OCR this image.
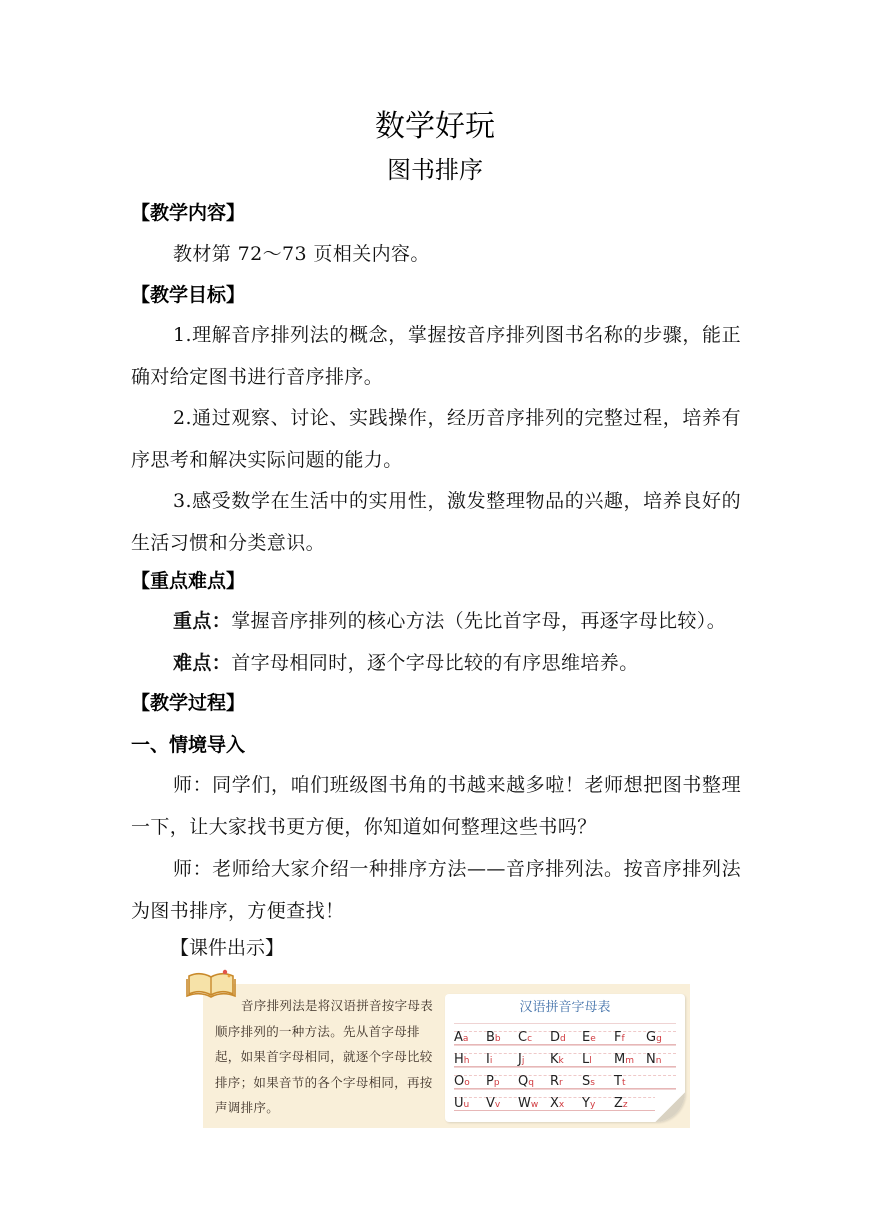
数学好玩
图书排序
【教学内容】
教材第 72～73 页相关内容。
【教学目标】
1.理解音序排列法的概念，掌握按音序排列图书名称的步骤，能正确对给定图书进行音序排序。
2.通过观察、讨论、实践操作，经历音序排列的完整过程，培养有序思考和解决实际问题的能力。
3.感受数学在生活中的实用性，激发整理物品的兴趣，培养良好的生活习惯和分类意识。
【重点难点】
重点：掌握音序排列的核心方法（先比首字母，再逐字母比较）。
难点：首字母相同时，逐个字母比较的有序思维培养。
【教学过程】
一、情境导入
师：同学们，咱们班级图书角的书越来越多啦！老师想把图书整理一下，让大家找书更方便，你知道如何整理这些书吗？
师：老师给大家介绍一种排序方法——音序排列法。按音序排列法为图书排序，方便查找！
【课件出示】
音序排列法是将汉语拼音按字母表顺序排列的一种方法。先从首字母排起，如果首字母相同，就逐个字母比较排序；如果音节的各个字母相同，再按声调排序。
汉语拼音字母表
Aa Bb Cc Dd Ee Ff Gg
Hh Ii Jj Kk Ll Mm Nn
Oo Pp Qq Rr Ss Tt
Uu Vv Ww Xx Yy Zz
